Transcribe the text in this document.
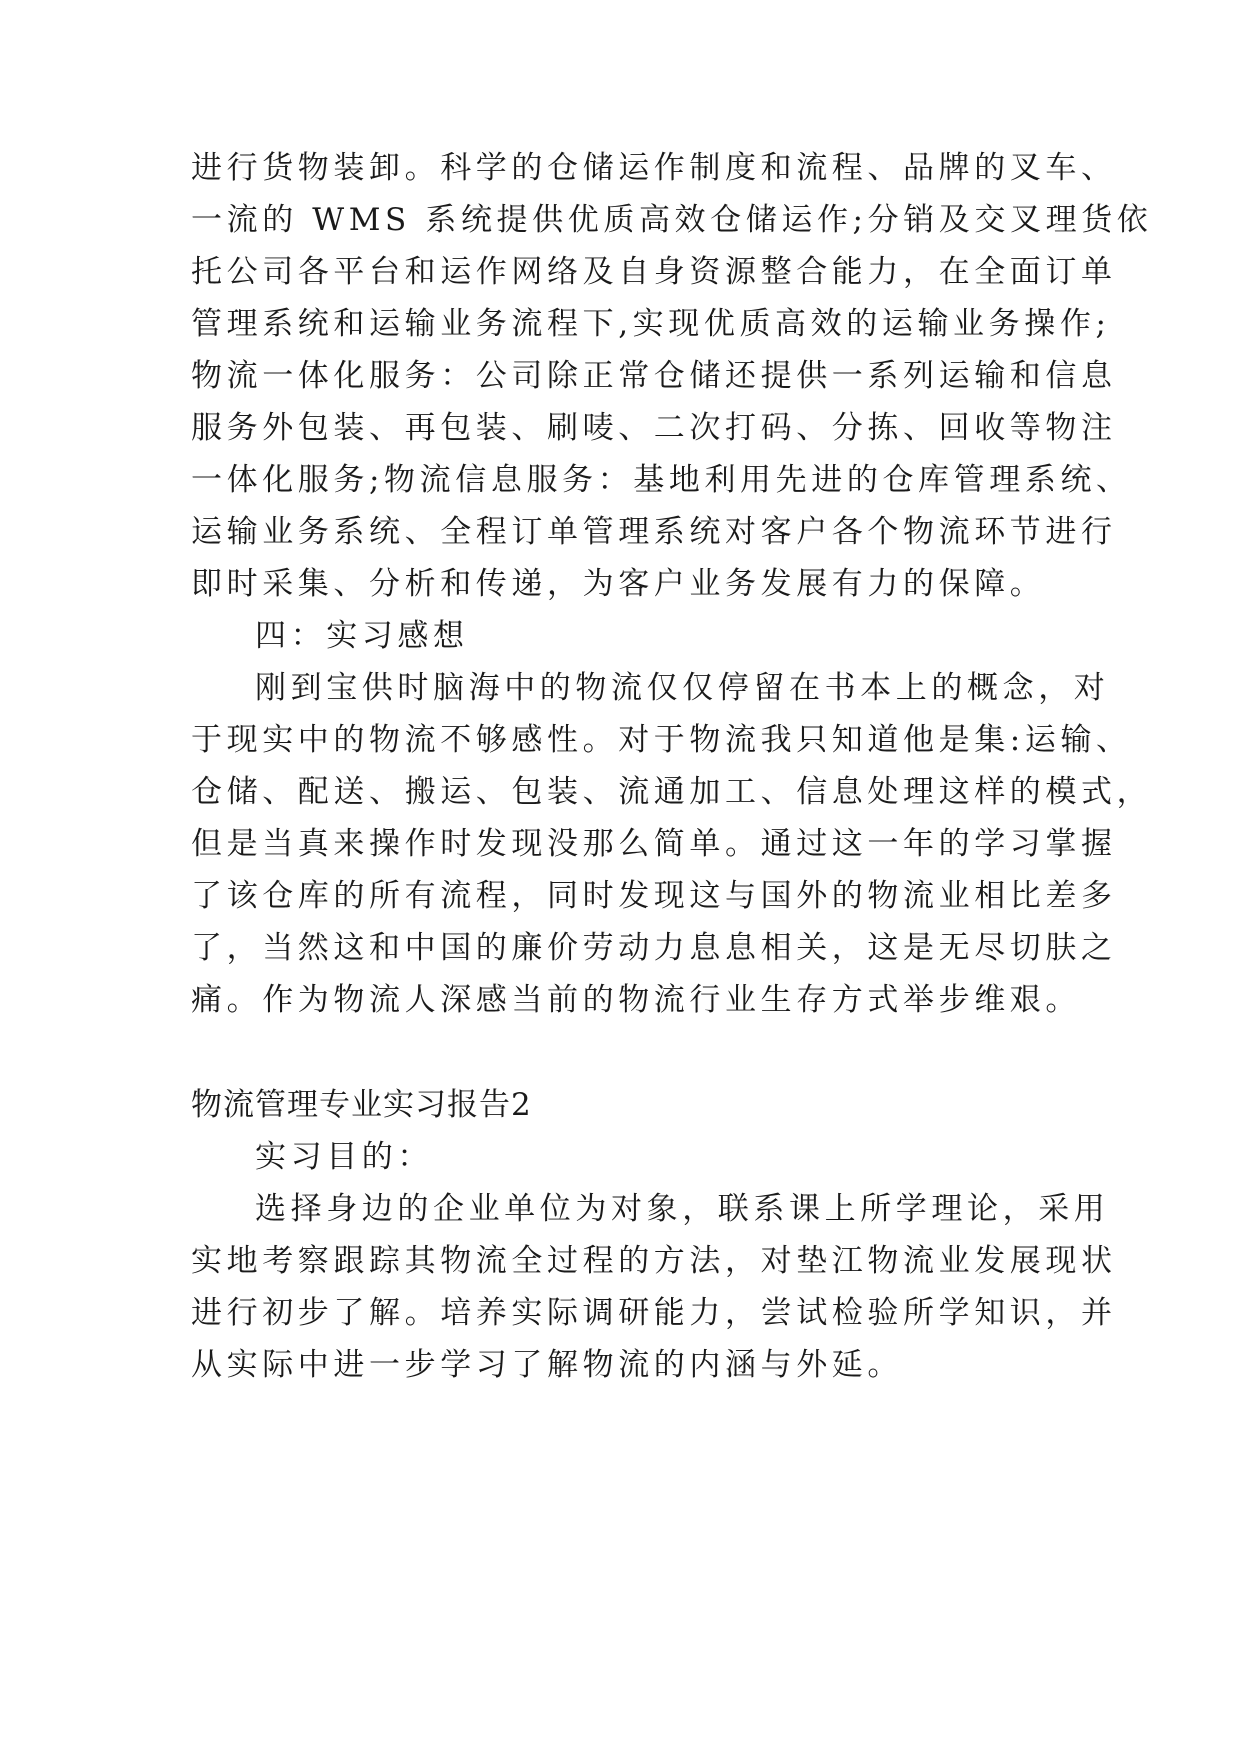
进行货物装卸。科学的仓储运作制度和流程、品牌的叉车、
一流的 WMS 系统提供优质高效仓储运作;分销及交叉理货依
托公司各平台和运作网络及自身资源整合能力，在全面订单
管理系统和运输业务流程下,实现优质高效的运输业务操作;
物流一体化服务：公司除正常仓储还提供一系列运输和信息
服务外包装、再包装、刷唛、二次打码、分拣、回收等物注
一体化服务;物流信息服务：基地利用先进的仓库管理系统、
运输业务系统、全程订单管理系统对客户各个物流环节进行
即时采集、分析和传递，为客户业务发展有力的保障。
四：实习感想
刚到宝供时脑海中的物流仅仅停留在书本上的概念，对
于现实中的物流不够感性。对于物流我只知道他是集:运输、
仓储、配送、搬运、包装、流通加工、信息处理这样的模式，
但是当真来操作时发现没那么简单。通过这一年的学习掌握
了该仓库的所有流程，同时发现这与国外的物流业相比差多
了，当然这和中国的廉价劳动力息息相关，这是无尽切肤之
痛。作为物流人深感当前的物流行业生存方式举步维艰。
物流管理专业实习报告2
实习目的：
选择身边的企业单位为对象，联系课上所学理论，采用
实地考察跟踪其物流全过程的方法，对垫江物流业发展现状
进行初步了解。培养实际调研能力，尝试检验所学知识，并
从实际中进一步学习了解物流的内涵与外延。
